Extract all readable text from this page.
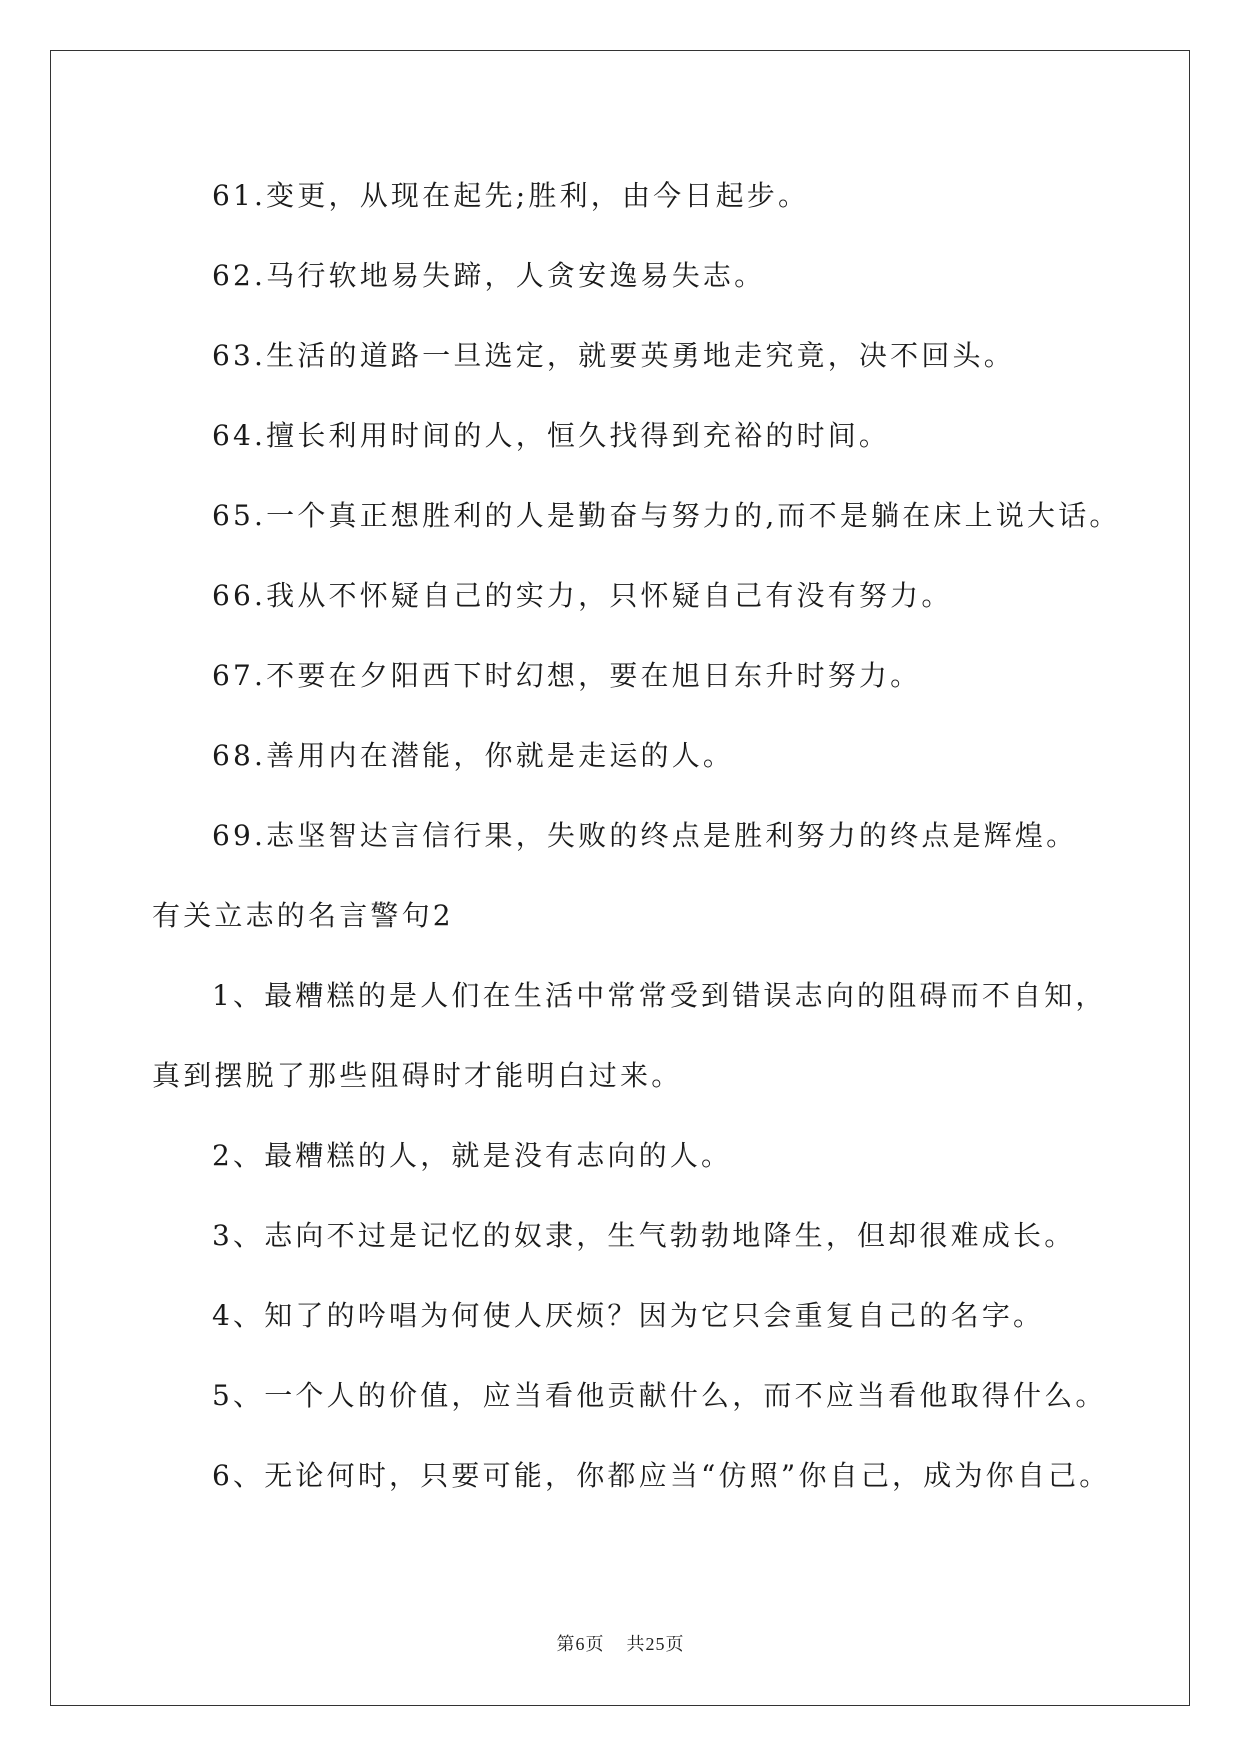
61.变更，从现在起先;胜利，由今日起步。
62.马行软地易失蹄，人贪安逸易失志。
63.生活的道路一旦选定，就要英勇地走究竟，决不回头。
64.擅长利用时间的人，恒久找得到充裕的时间。
65.一个真正想胜利的人是勤奋与努力的,而不是躺在床上说大话。
66.我从不怀疑自己的实力，只怀疑自己有没有努力。
67.不要在夕阳西下时幻想，要在旭日东升时努力。
68.善用内在潜能，你就是走运的人。
69.志坚智达言信行果，失败的终点是胜利努力的终点是辉煌。
有关立志的名言警句2
1、最糟糕的是人们在生活中常常受到错误志向的阻碍而不自知，
真到摆脱了那些阻碍时才能明白过来。
2、最糟糕的人，就是没有志向的人。
3、志向不过是记忆的奴隶，生气勃勃地降生，但却很难成长。
4、知了的吟唱为何使人厌烦？因为它只会重复自己的名字。
5、一个人的价值，应当看他贡献什么，而不应当看他取得什么。
6、无论何时，只要可能，你都应当“仿照”你自己，成为你自己。
第6页 共25页
